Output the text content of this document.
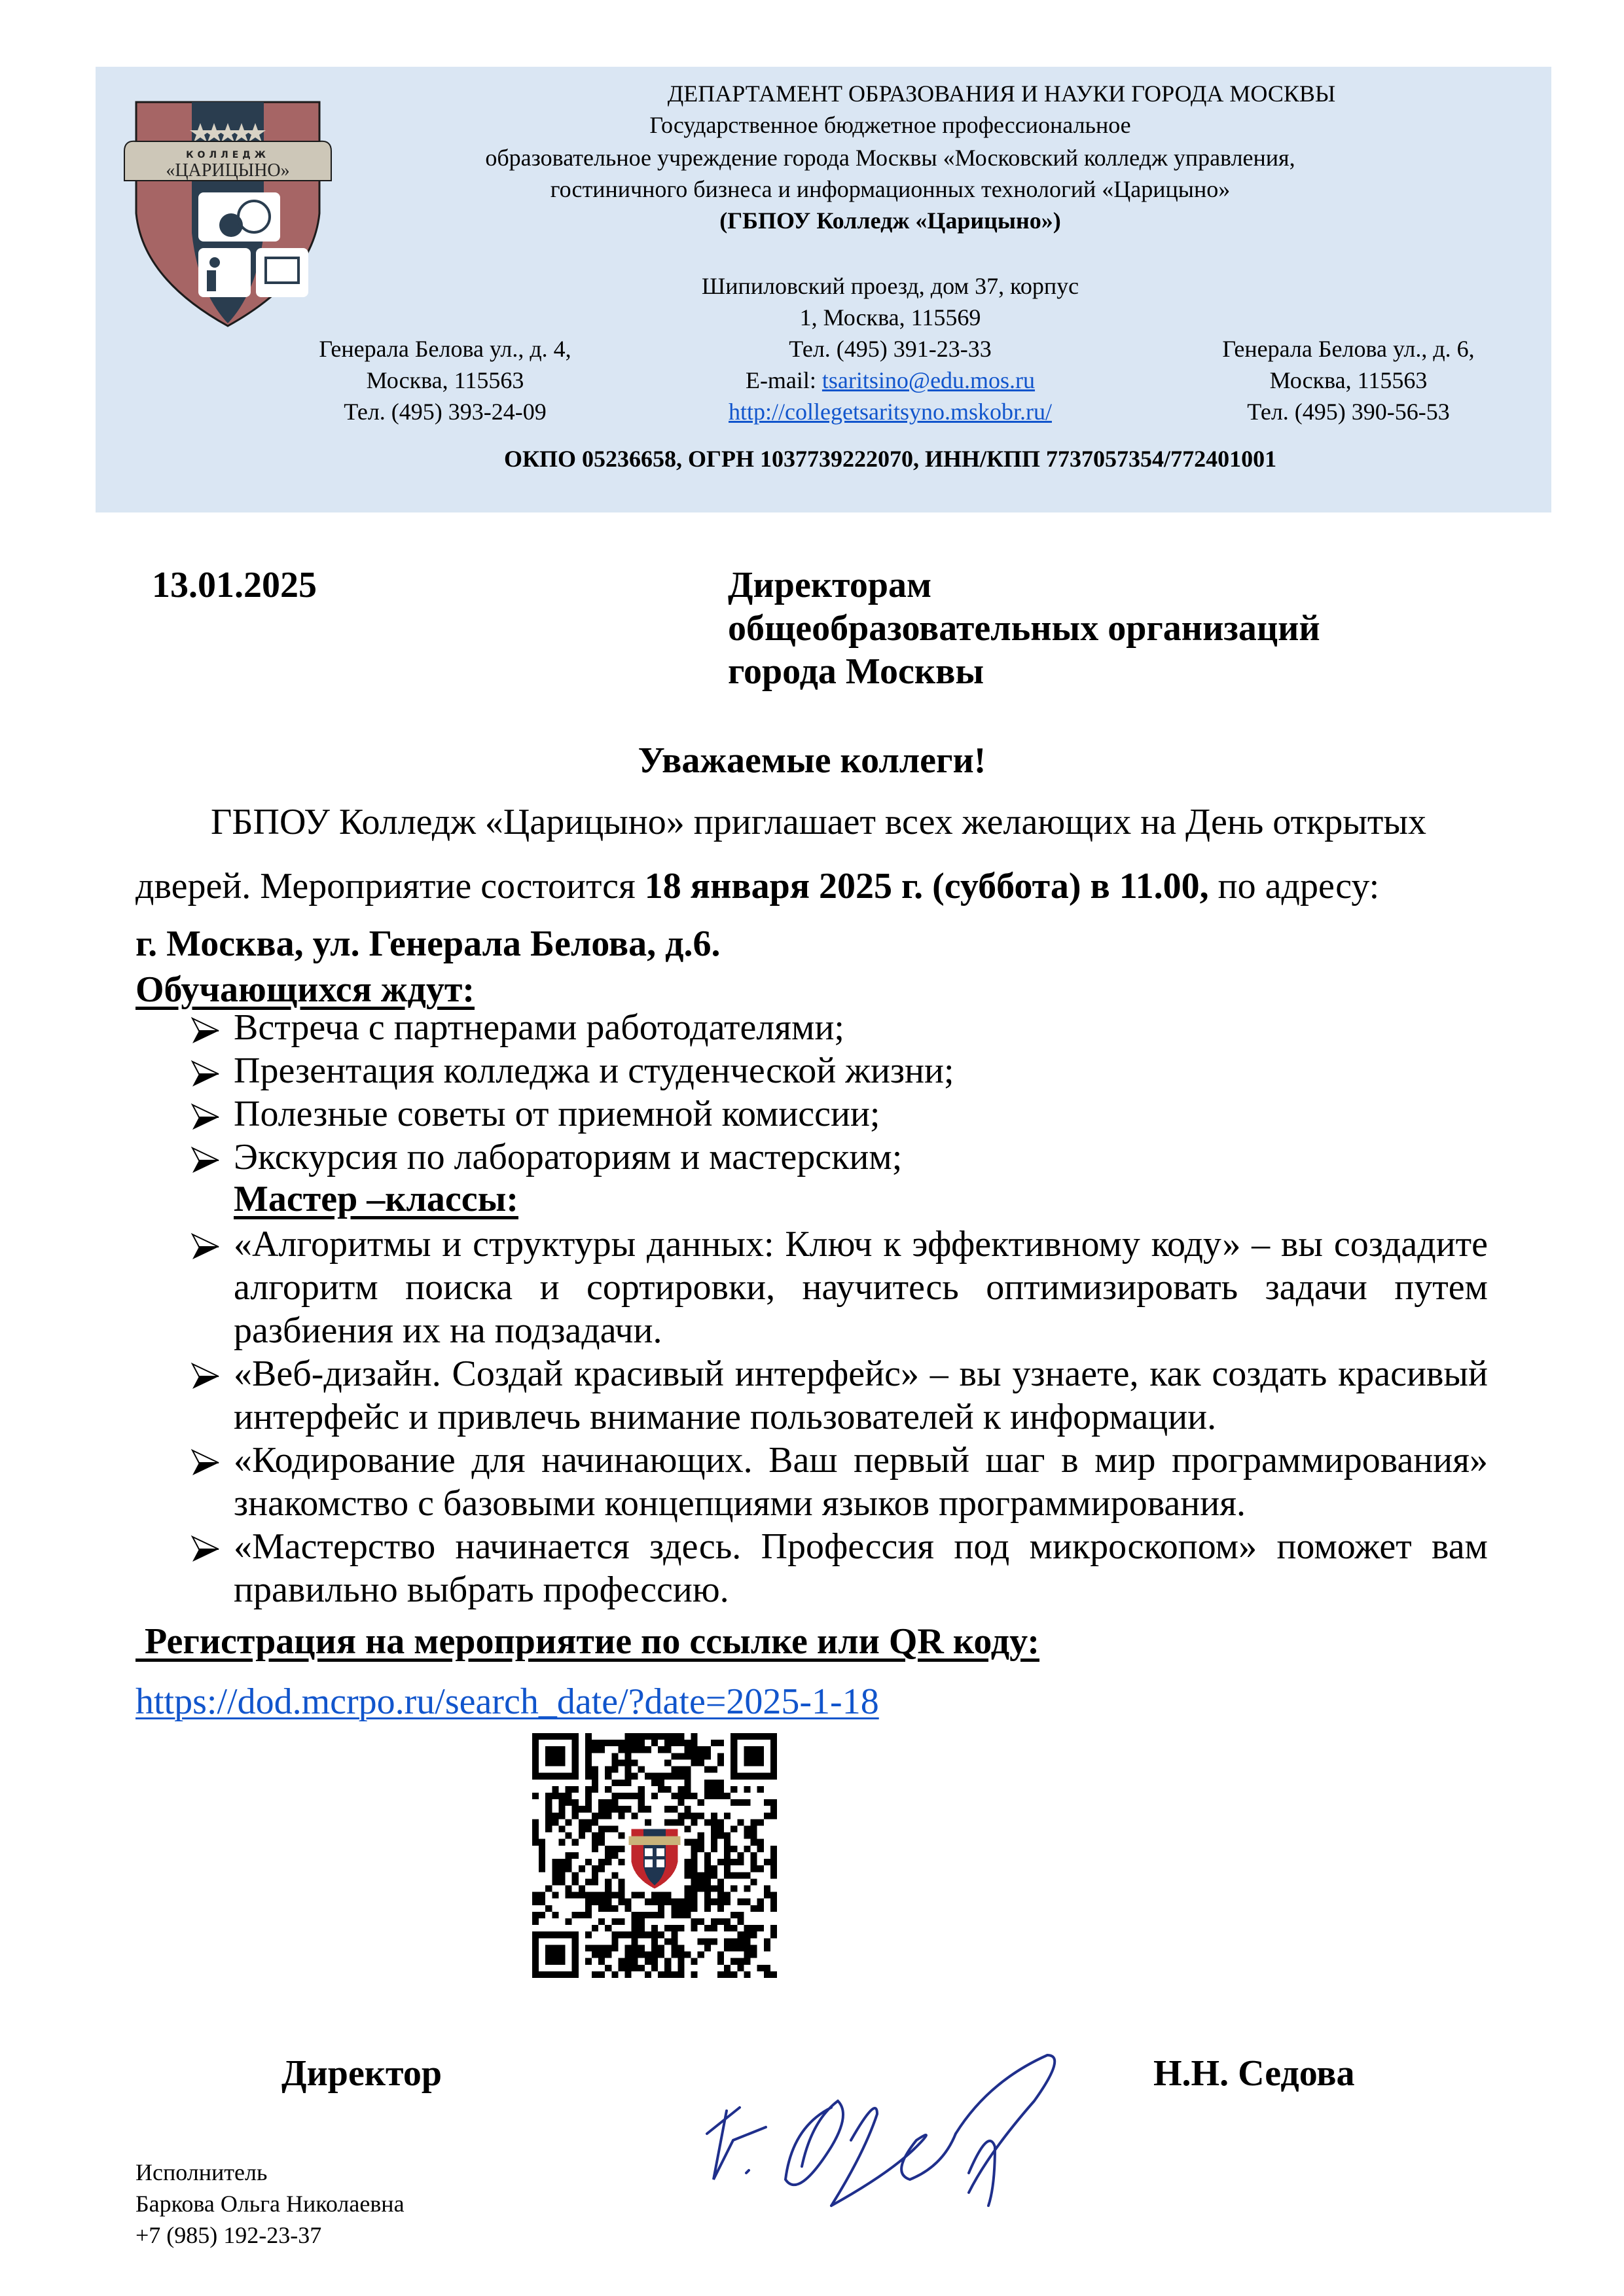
КОЛЛЕДЖ
«ЦАРИЦЫНО»
ДЕПАРТАМЕНТ ОБРАЗОВАНИЯ И НАУКИ ГОРОДА МОСКВЫ
Государственное бюджетное профессиональное
образовательное учреждение города Москвы «Московский колледж управления,
гостиничного бизнеса и информационных технологий «Царицыно»
(ГБПОУ Колледж «Царицыно»)
Шипиловский проезд, дом 37, корпус
1, Москва, 115569
Тел. (495) 391-23-33
E-mail: tsaritsino@edu.mos.ru
http://collegetsaritsyno.mskobr.ru/
Генерала Белова ул., д. 4,
Москва, 115563
Тел. (495) 393-24-09
Генерала Белова ул., д. 6,
Москва, 115563
Тел. (495) 390-56-53
ОКПО 05236658, ОГРН 1037739222070, ИНН/КПП 7737057354/772401001
13.01.2025	Директорам
общеобразовательных организаций
города Москвы
Уважаемые коллеги!
ГБПОУ Колледж «Царицыно» приглашает всех желающих на День открытых
дверей. Мероприятие состоится 18 января 2025 г. (суббота) в 11.00, по адресу:
г. Москва, ул. Генерала Белова, д.6.
Обучающихся ждут:
Встреча с партнерами работодателями;
Презентация колледжа и студенческой жизни;
Полезные советы от приемной комиссии;
Экскурсия по лабораториям и мастерским;
Мастер –классы:
«Алгоритмы и структуры данных: Ключ к эффективному коду» – вы создадите алгоритм поиска и сортировки, научитесь оптимизировать задачи путем разбиения их на подзадачи.
«Веб-дизайн. Создай красивый интерфейс» – вы узнаете, как создать красивый интерфейс и привлечь внимание пользователей к информации.
«Кодирование для начинающих. Ваш первый шаг в мир программирования» знакомство с базовыми концепциями языков программирования.
«Мастерство начинается здесь. Профессия под микроскопом» поможет вам правильно выбрать профессию.
Регистрация на мероприятие по ссылке или QR коду:
https://dod.mcrpo.ru/search_date/?date=2025-1-18
Директор	Н.Н. Седова
Исполнитель
Баркова Ольга Николаевна
+7 (985) 192-23-37
